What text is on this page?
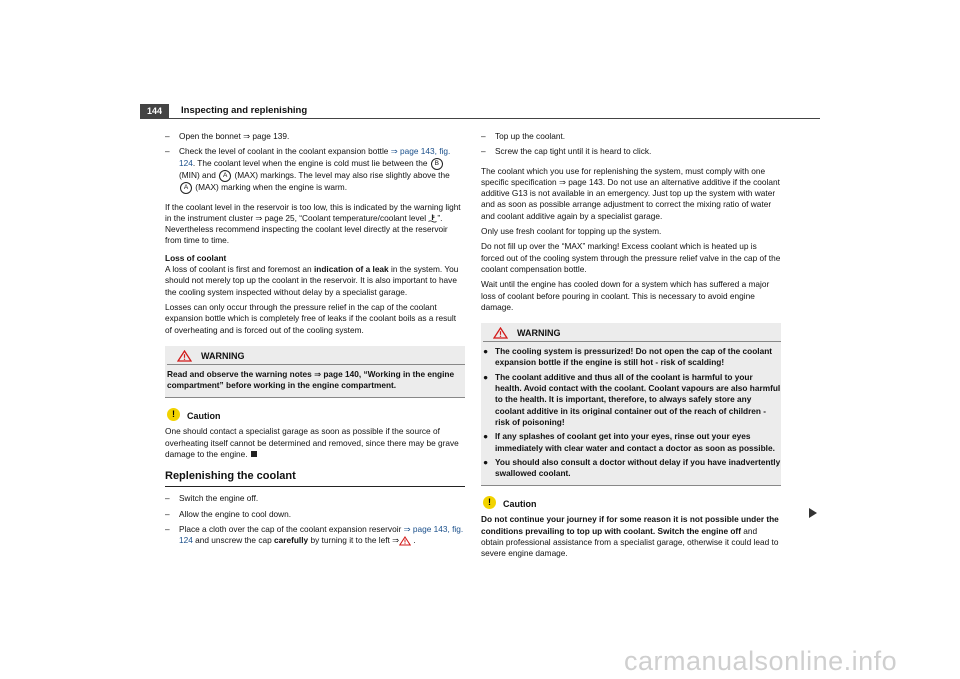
144	Inspecting and replenishing
–	Open the bonnet ⇒ page 139.
–	Check the level of coolant in the coolant expansion bottle ⇒ page 143, fig. 124. The coolant level when the engine is cold must lie between the B (MIN) and A (MAX) markings. The level may also rise slightly above the A (MAX) marking when the engine is warm.

If the coolant level in the reservoir is too low, this is indicated by the warning light in the instrument cluster ⇒ page 25, “Coolant temperature/coolant level ”. Nevertheless recommend inspecting the coolant level directly at the reservoir from time to time.

Loss of coolant

A loss of coolant is first and foremost an indication of a leak in the system. You should not merely top up the coolant in the reservoir. It is also important to have the cooling system inspected without delay by a specialist garage.

Losses can only occur through the pressure relief in the cap of the coolant expansion bottle which is completely free of leaks if the coolant boils as a result of overheating and is forced out of the cooling system.

WARNING

Read and observe the warning notes ⇒ page 140, “Working in the engine compartment” before working in the engine compartment.

!	Caution

One should contact a specialist garage as soon as possible if the source of overheating itself cannot be determined and removed, since there may be grave damage to the engine.

Replenishing the coolant
–	Switch the engine off.
–	Allow the engine to cool down.
–	Place a cloth over the cap of the coolant expansion reservoir ⇒ page 143, fig. 124 and unscrew the cap carefully by turning it to the left ⇒ .
–	Top up the coolant.
–	Screw the cap tight until it is heard to click.

The coolant which you use for replenishing the system, must comply with one specific specification ⇒ page 143. Do not use an alternative additive if the coolant additive G13 is not available in an emergency. Just top up the system with water and as soon as possible arrange adjustment to correct the mixing ratio of water and coolant additive again by a specialist garage.

Only use fresh coolant for topping up the system.

Do not fill up over the “MAX” marking! Excess coolant which is heated up is forced out of the cooling system through the pressure relief valve in the cap of the coolant compensation bottle.

Wait until the engine has cooled down for a system which has suffered a major loss of coolant before pouring in coolant. This is necessary to avoid engine damage.

WARNING
● The cooling system is pressurized! Do not open the cap of the coolant expansion bottle if the engine is still hot - risk of scalding!
● The coolant additive and thus all of the coolant is harmful to your health. Avoid contact with the coolant. Coolant vapours are also harmful to the health. It is important, therefore, to always safely store any coolant additive in its original container out of the reach of children - risk of poisoning!
● If any splashes of coolant get into your eyes, rinse out your eyes immediately with clear water and contact a doctor as soon as possible.
● You should also consult a doctor without delay if you have inadvertently swallowed coolant.
!	Caution

Do not continue your journey if for some reason it is not possible under the conditions prevailing to top up with coolant. Switch the engine off and obtain professional assistance from a specialist garage, otherwise it could lead to severe engine damage.

carmanualsonline.info
